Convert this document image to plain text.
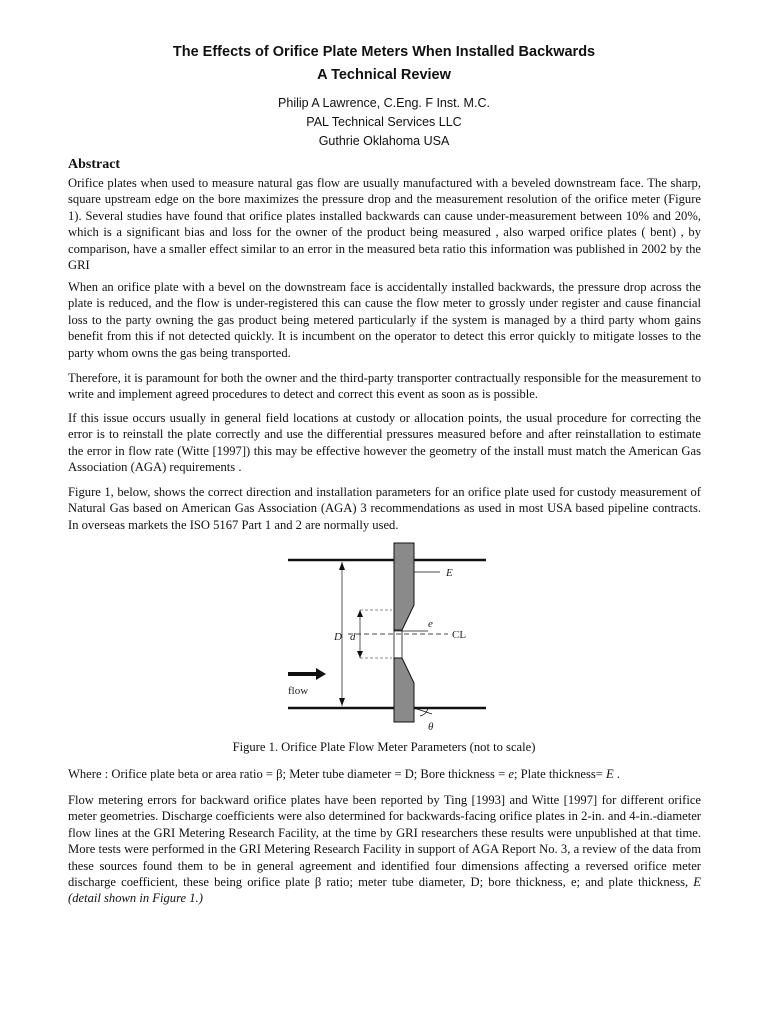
The Effects of Orifice Plate Meters When Installed Backwards
A Technical Review
Philip A Lawrence, C.Eng. F Inst. M.C.
PAL Technical Services LLC
Guthrie Oklahoma USA
Abstract

Orifice plates when used to measure natural gas flow are usually manufactured with a beveled downstream face. The sharp, square upstream edge on the bore maximizes the pressure drop and the measurement resolution of the orifice meter (Figure 1). Several studies have found that orifice plates installed backwards can cause under-measurement between 10% and 20%, which is a significant bias and loss for the owner of the product being measured , also warped orifice plates ( bent) , by comparison, have a smaller effect similar to an error in the measured beta ratio this information was published in 2002 by the GRI

When an orifice plate with a bevel on the downstream face is accidentally installed backwards, the pressure drop across the plate is reduced, and the flow is under-registered this can cause the flow meter to grossly under register and cause financial loss to the party owning the gas product being metered particularly if the system is managed by a third party whom gains benefit from this if not detected quickly. It is incumbent on the operator to detect this error quickly to mitigate losses to the party whom owns the gas being transported.

Therefore, it is paramount for both the owner and the third-party transporter contractually responsible for the measurement to write and implement agreed procedures to detect and correct this event as soon as is possible.

If this issue occurs usually in general field locations at custody or allocation points, the usual procedure for correcting the error is to reinstall the plate correctly and use the differential pressures measured before and after reinstallation to estimate the error in flow rate (Witte [1997]) this may be effective however the geometry of the install must match the American Gas Association (AGA) requirements .

Figure 1, below, shows the correct direction and installation parameters for an orifice plate used for custody measurement of Natural Gas based on American Gas Association (AGA) 3 recommendations as used in most USA based pipeline contracts. In overseas markets the ISO 5167 Part 1 and 2 are normally used.

E
e
CL
D d
flow
θ
Figure 1. Orifice Plate Flow Meter Parameters (not to scale)
Where : Orifice plate beta or area ratio = β; Meter tube diameter = D; Bore thickness = e; Plate thickness= E .

Flow metering errors for backward orifice plates have been reported by Ting [1993] and Witte [1997] for different orifice meter geometries. Discharge coefficients were also determined for backwards-facing orifice plates in 2-in. and 4-in.-diameter flow lines at the GRI Metering Research Facility, at the time by GRI researchers these results were unpublished at that time. More tests were performed in the GRI Metering Research Facility in support of AGA Report No. 3, a review of the data from these sources found them to be in general agreement and identified four dimensions affecting a reversed orifice meter discharge coefficient, these being orifice plate β ratio; meter tube diameter, D; bore thickness, e; and plate thickness, E (detail shown in Figure 1.)
